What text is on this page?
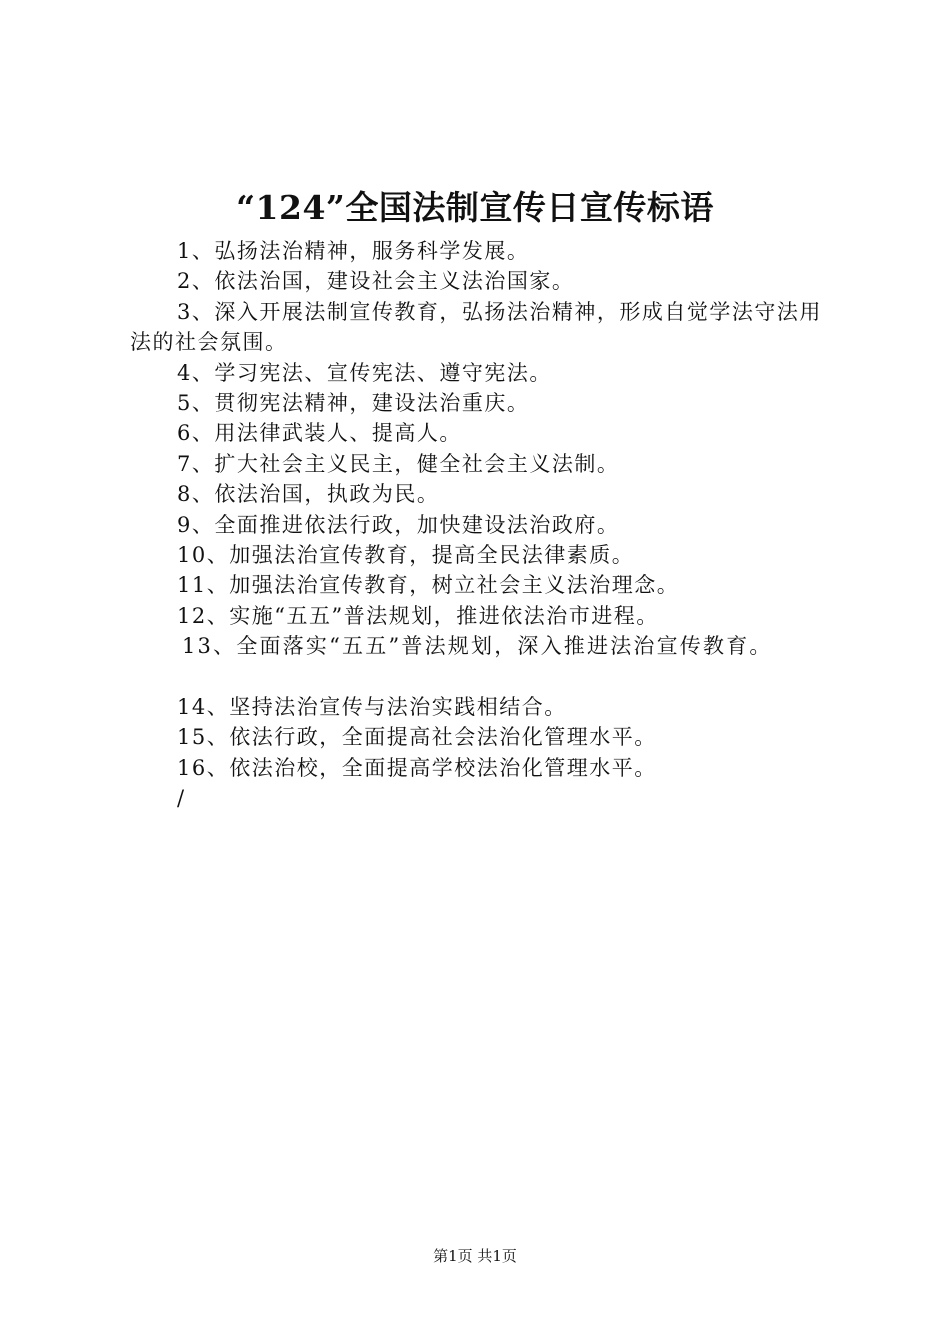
“124”全国法制宣传日宣传标语

1、弘扬法治精神，服务科学发展。

2、依法治国，建设社会主义法治国家。

3、深入开展法制宣传教育，弘扬法治精神，形成自觉学法守法用法的社会氛围。

4、学习宪法、宣传宪法、遵守宪法。

5、贯彻宪法精神，建设法治重庆。

6、用法律武装人、提高人。

7、扩大社会主义民主，健全社会主义法制。

8、依法治国，执政为民。

9、全面推进依法行政，加快建设法治政府。

10、加强法治宣传教育，提高全民法律素质。

11、加强法治宣传教育，树立社会主义法治理念。

12、实施“五五”普法规划，推进依法治市进程。

13、全面落实“五五”普法规划，深入推进法治宣传教育。

14、坚持法治宣传与法治实践相结合。

15、依法行政，全面提高社会法治化管理水平。

16、依法治校，全面提高学校法治化管理水平。

/

第1页 共1页
